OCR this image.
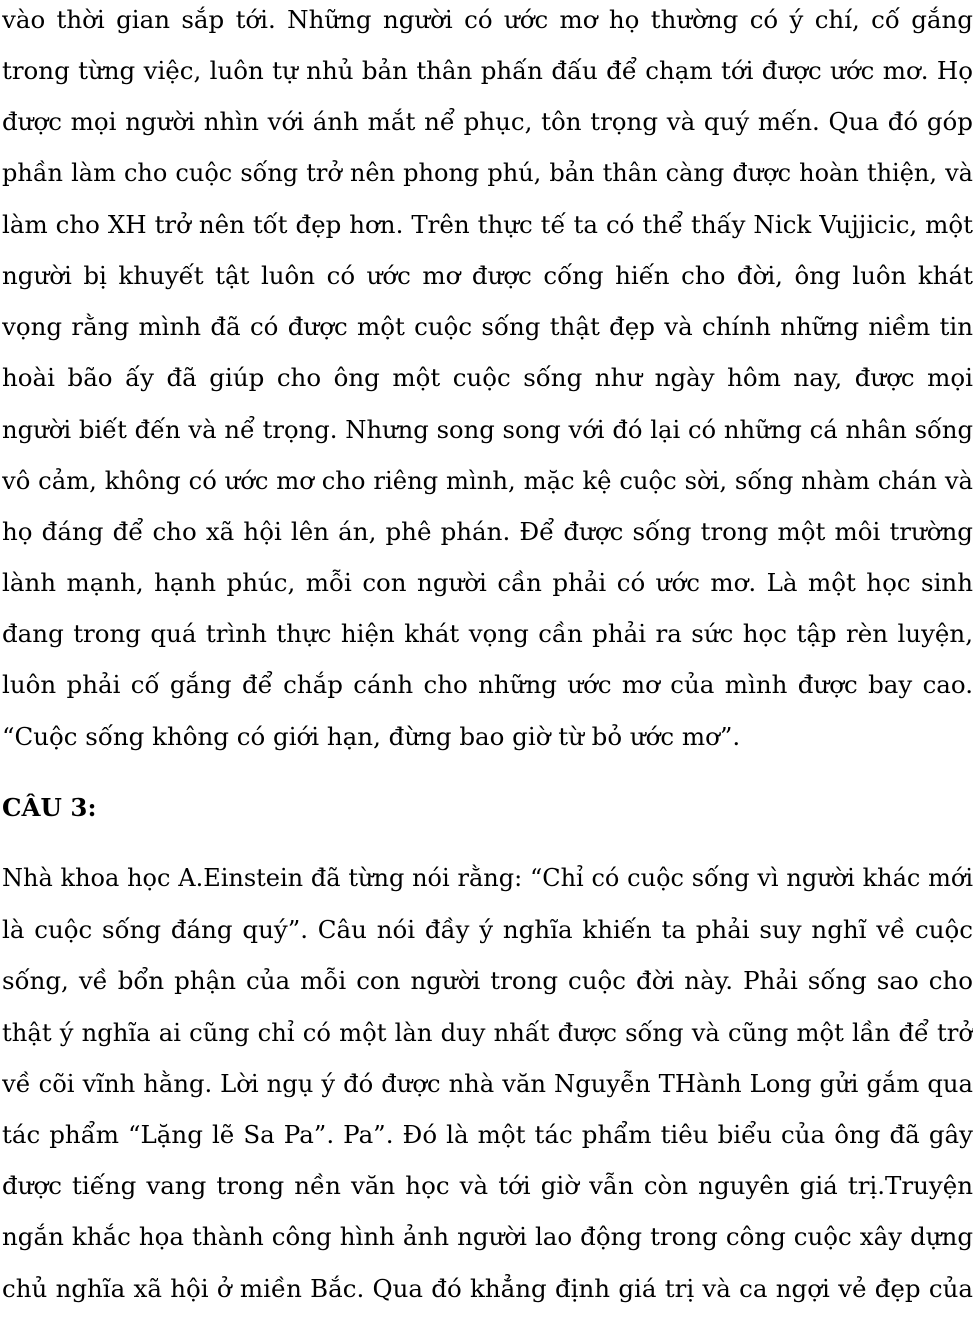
vào thời gian sắp tới. Những người có ước mơ họ thường có ý chí, cố gắng
trong từng việc, luôn tự nhủ bản thân phấn đấu để chạm tới được ước mơ. Họ
được mọi người nhìn với ánh mắt nể phục, tôn trọng và quý mến. Qua đó góp
phần làm cho cuộc sống trở nên phong phú, bản thân càng được hoàn thiện, và
làm cho XH trở nên tốt đẹp hơn. Trên thực tế ta có thể thấy Nick Vujjicic, một
người bị khuyết tật luôn có ước mơ được cống hiến cho đời, ông luôn khát
vọng rằng mình đã có được một cuộc sống thật đẹp và chính những niềm tin
hoài bão ấy đã giúp cho ông một cuộc sống như ngày hôm nay, được mọi
người biết đến và nể trọng. Nhưng song song với đó lại có những cá nhân sống
vô cảm, không có ước mơ cho riêng mình, mặc kệ cuộc sời, sống nhàm chán và
họ đáng để cho xã hội lên án, phê phán. Để được sống trong một môi trường
lành mạnh, hạnh phúc, mỗi con người cần phải có ước mơ. Là một học sinh
đang trong quá trình thực hiện khát vọng cần phải ra sức học tập rèn luyện,
luôn phải cố gắng để chắp cánh cho những ước mơ của mình được bay cao.
“Cuộc sống không có giới hạn, đừng bao giờ từ bỏ ước mơ”.
CÂU 3:
Nhà khoa học A.Einstein đã từng nói rằng: “Chỉ có cuộc sống vì người khác mới
là cuộc sống đáng quý”. Câu nói đầy ý nghĩa khiến ta phải suy nghĩ về cuộc
sống, về bổn phận của mỗi con người trong cuộc đời này. Phải sống sao cho
thật ý nghĩa ai cũng chỉ có một làn duy nhất được sống và cũng một lần để trở
về cõi vĩnh hằng. Lời ngụ ý đó được nhà văn Nguyễn THành Long gửi gắm qua
tác phẩm “Lặng lẽ Sa Pa”. Pa”. Đó là một tác phẩm tiêu biểu của ông đã gây
được tiếng vang trong nền văn học và tới giờ vẫn còn nguyên giá trị.Truyện
ngắn khắc họa thành công hình ảnh người lao động trong công cuộc xây dựng
chủ nghĩa xã hội ở miền Bắc. Qua đó khẳng định giá trị và ca ngợi vẻ đẹp của
